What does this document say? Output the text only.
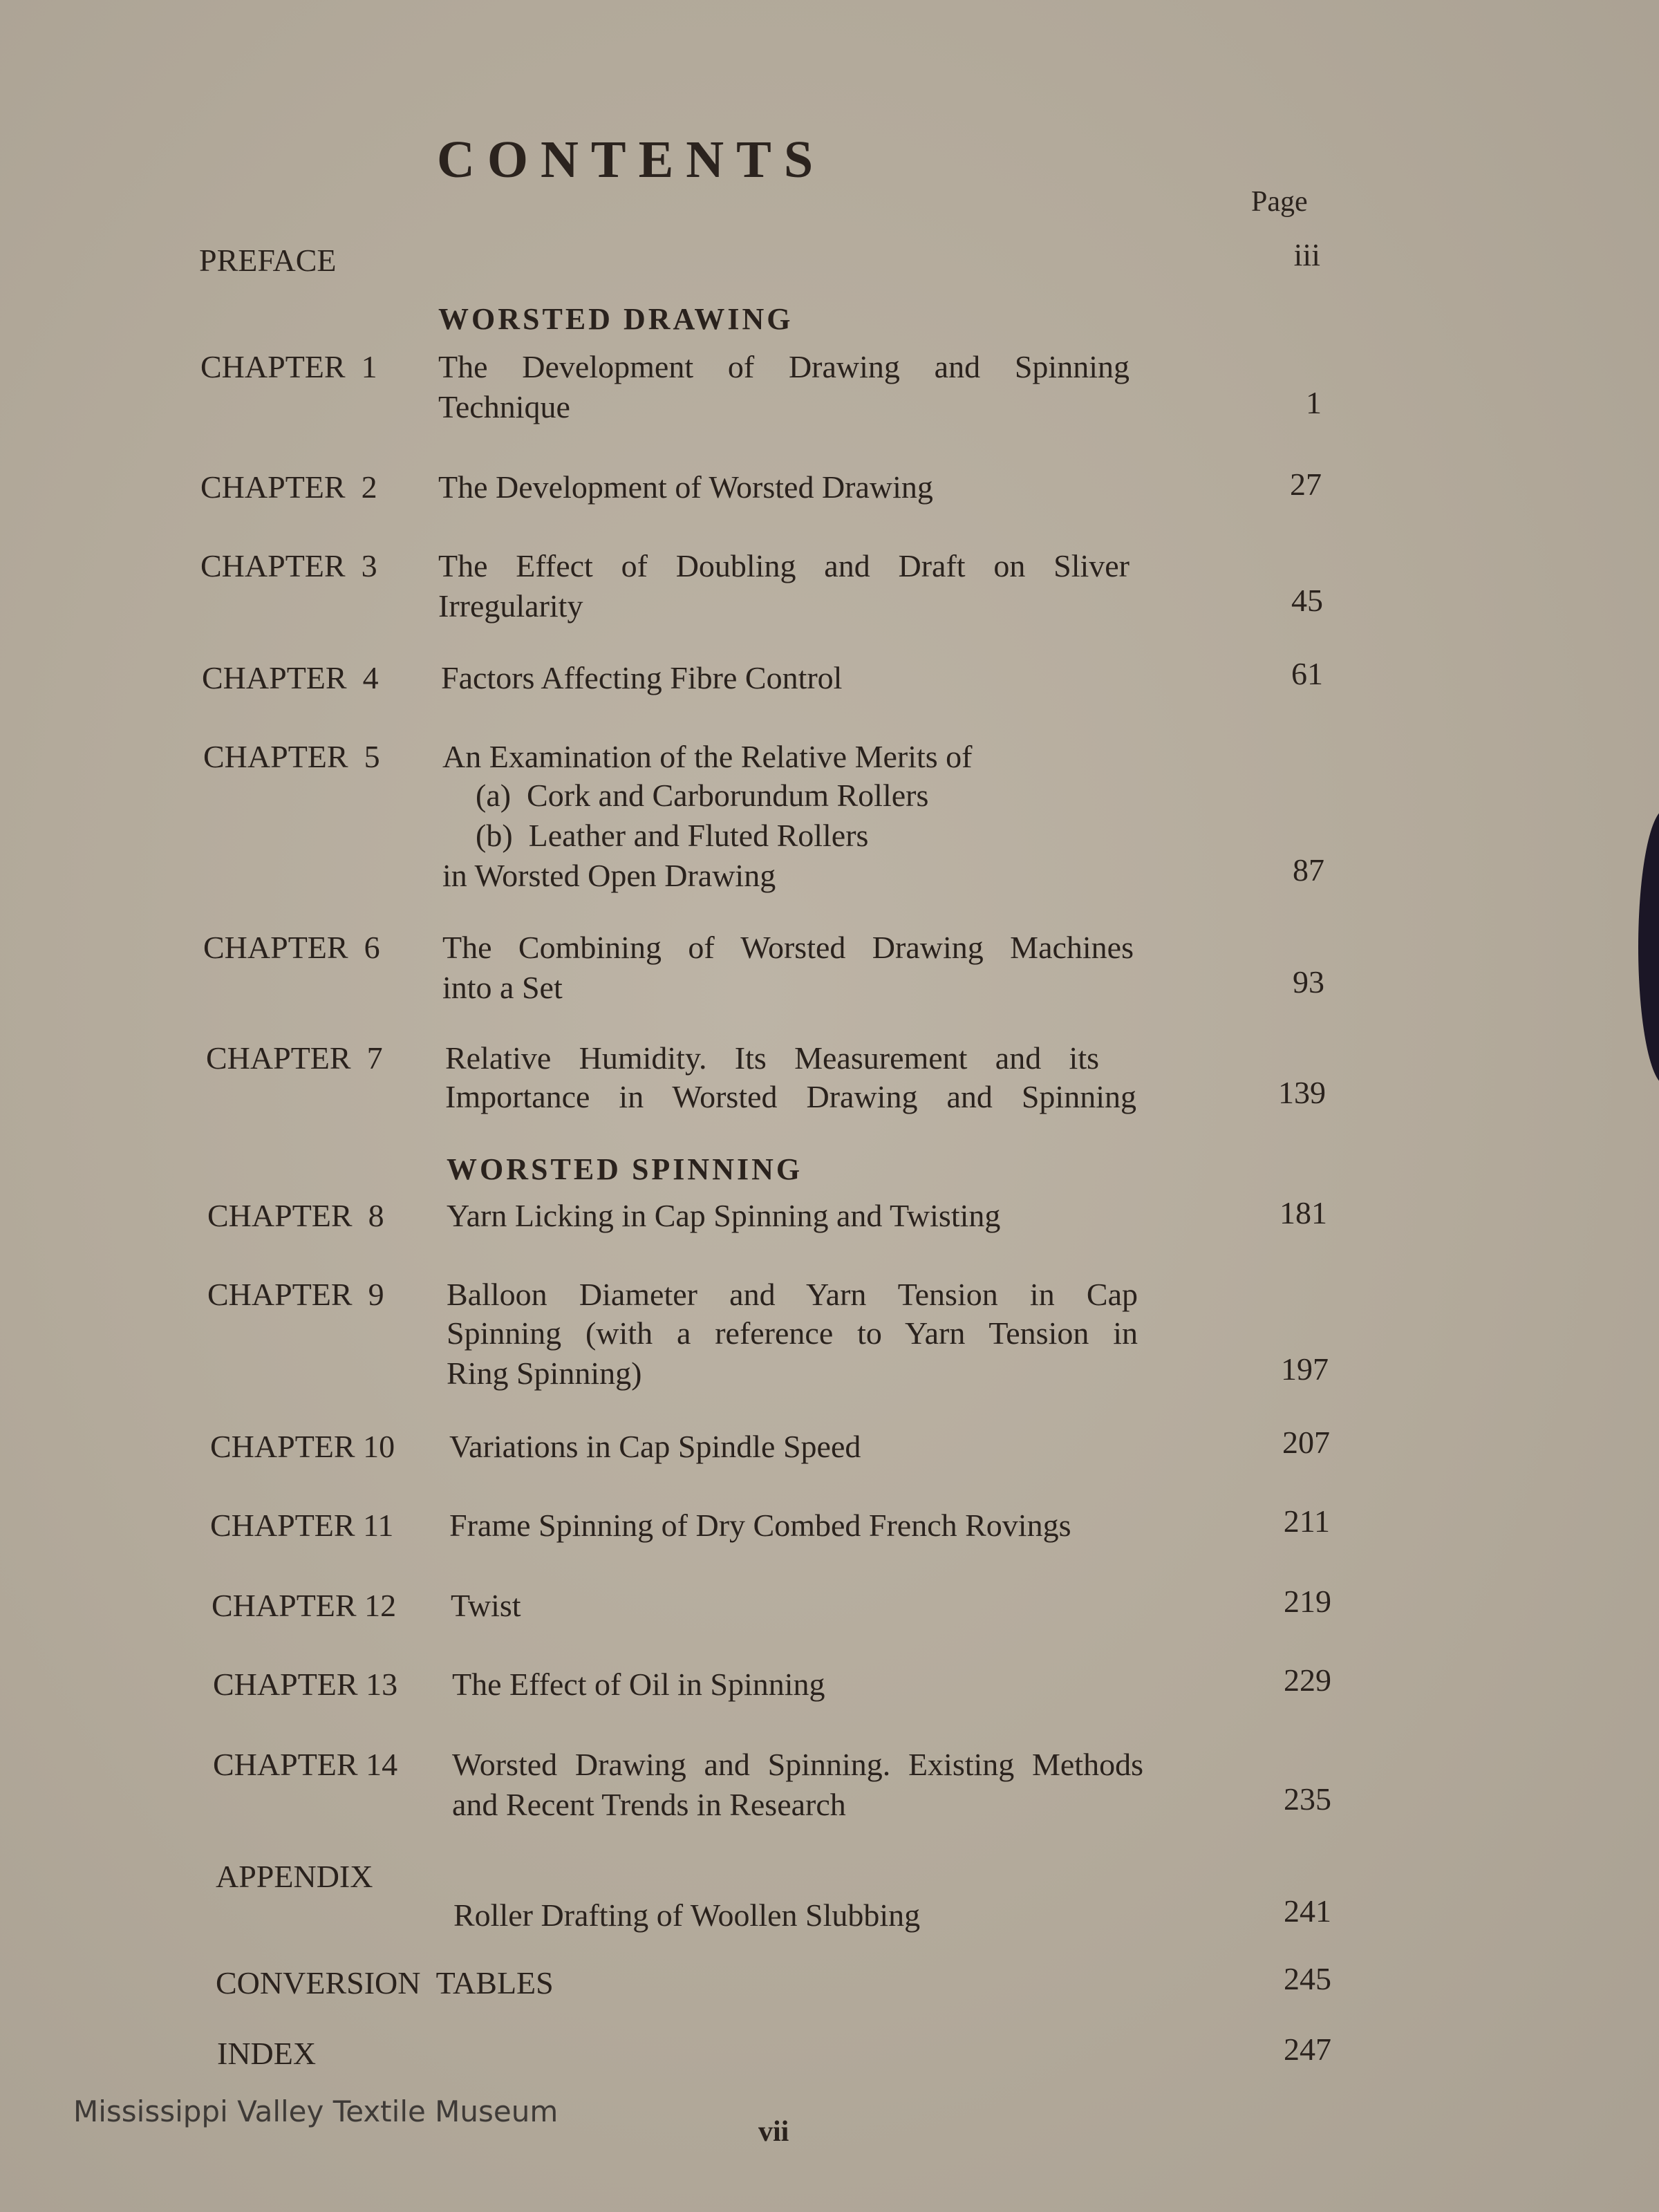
CONTENTS
Page
PREFACE	iii
WORSTED DRAWING
CHAPTER  1 The Development of Drawing and Spinning
Technique	1
CHAPTER  2 The Development of Worsted Drawing	27
CHAPTER  3 The Effect of Doubling and Draft on Sliver
Irregularity	45
CHAPTER  4 Factors Affecting Fibre Control	61
CHAPTER  5 An Examination of the Relative Merits of
(a)  Cork and Carborundum Rollers
(b)  Leather and Fluted Rollers
in Worsted Open Drawing	87
CHAPTER  6 The Combining of Worsted Drawing Machines
into a Set	93
CHAPTER  7 Relative Humidity. Its Measurement and its
Importance in Worsted Drawing and Spinning	139
WORSTED SPINNING
CHAPTER  8 Yarn Licking in Cap Spinning and Twisting	181
CHAPTER  9 Balloon Diameter and Yarn Tension in Cap
Spinning (with a reference to Yarn Tension in
Ring Spinning)	197
CHAPTER 10 Variations in Cap Spindle Speed	207
CHAPTER 11 Frame Spinning of Dry Combed French Rovings	211
CHAPTER 12 Twist	219
CHAPTER 13 The Effect of Oil in Spinning	229
CHAPTER 14 Worsted Drawing and Spinning. Existing Methods
and Recent Trends in Research	235
APPENDIX
Roller Drafting of Woollen Slubbing	241
CONVERSION  TABLES	245
INDEX	247
Mississippi Valley Textile Museum
vii
